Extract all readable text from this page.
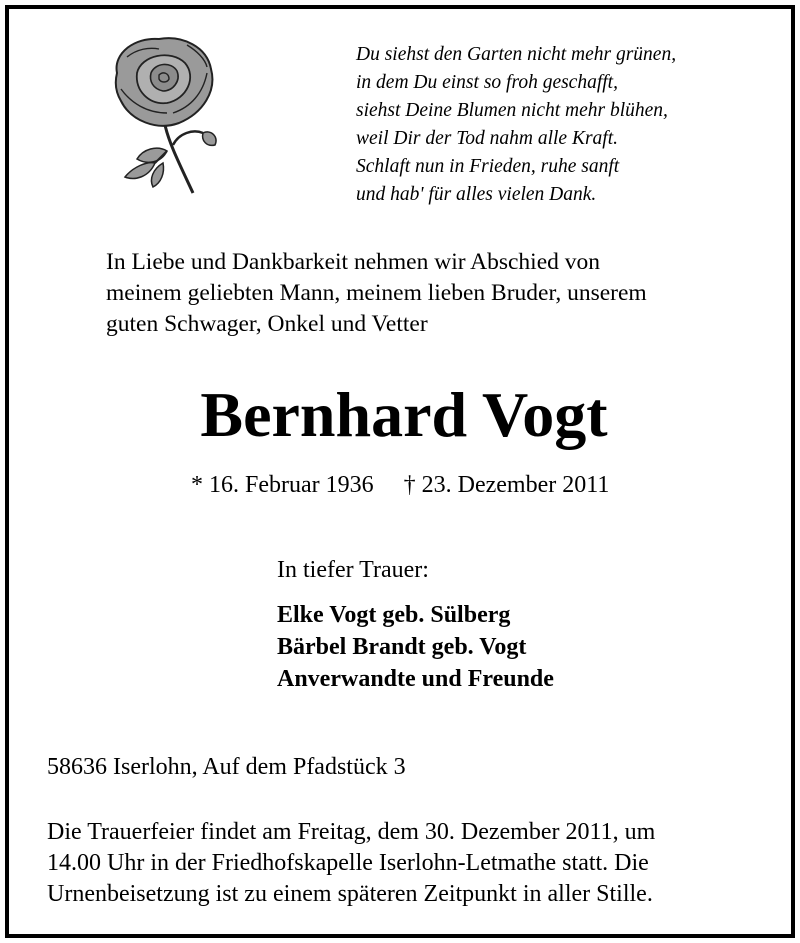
Du siehst den Garten nicht mehr grünen,
in dem Du einst so froh geschafft,
siehst Deine Blumen nicht mehr blühen,
weil Dir der Tod nahm alle Kraft.
Schlaft nun in Frieden, ruhe sanft
und hab' für alles vielen Dank.
In Liebe und Dankbarkeit nehmen wir Abschied von
meinem geliebten Mann, meinem lieben Bruder, unserem
guten Schwager, Onkel und Vetter
Bernhard Vogt
* 16. Februar 1936 † 23. Dezember 2011
In tiefer Trauer:
Elke Vogt geb. Sülberg
Bärbel Brandt geb. Vogt
Anverwandte und Freunde
58636 Iserlohn, Auf dem Pfadstück 3
Die Trauerfeier findet am Freitag, dem 30. Dezember 2011, um
14.00 Uhr in der Friedhofskapelle Iserlohn-Letmathe statt. Die
Urnenbeisetzung ist zu einem späteren Zeitpunkt in aller Stille.
